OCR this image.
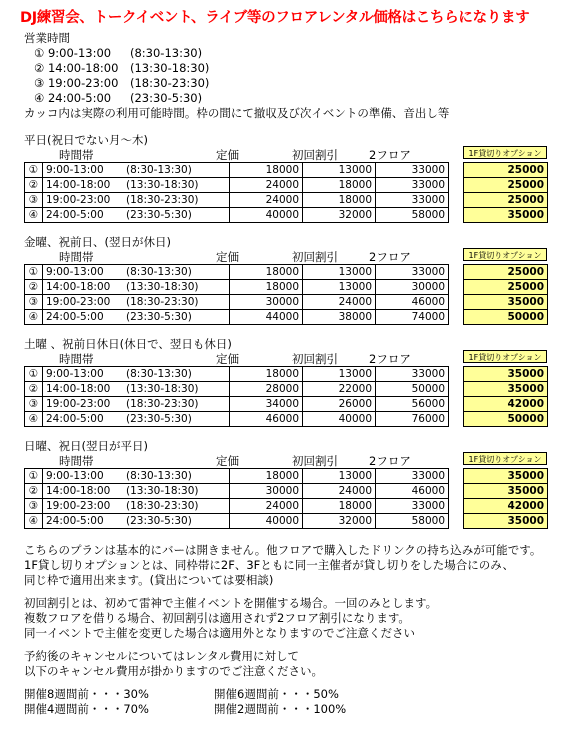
DJ練習会、トークイベント、ライブ等のフロアレンタル価格はこちらになります
営業時間
① 9:00-13:00 (8:30-13:30)
② 14:00-18:00 (13:30-18:30)
③ 19:00-23:00 (18:30-23:30)
④ 24:00-5:00 (23:30-5:30)
カッコ内は実際の利用可能時間。枠の間にて撤収及び次イベントの準備、音出し等
平日(祝日でない月～木)
時間帯	定価	初回割引	2フロア	1F貸切りオプション
①	9:00-13:00 (8:30-13:30)	18000	13000	33000		25000
②	14:00-18:00 (13:30-18:30)	24000	18000	33000		25000
③	19:00-23:00 (18:30-23:30)	24000	18000	33000		25000
④	24:00-5:00 (23:30-5:30)	40000	32000	58000		35000
金曜、祝前日、(翌日が休日)
時間帯	定価	初回割引	2フロア	1F貸切りオプション
①	9:00-13:00 (8:30-13:30)	18000	13000	33000		25000
②	14:00-18:00 (13:30-18:30)	18000	13000	30000		25000
③	19:00-23:00 (18:30-23:30)	30000	24000	46000		35000
④	24:00-5:00 (23:30-5:30)	44000	38000	74000		50000
土曜 、祝前日休日(休日で、翌日も休日)
時間帯	定価	初回割引	2フロア	1F貸切りオプション
①	9:00-13:00 (8:30-13:30)	18000	13000	33000		35000
②	14:00-18:00 (13:30-18:30)	28000	22000	50000		35000
③	19:00-23:00 (18:30-23:30)	34000	26000	56000		42000
④	24:00-5:00 (23:30-5:30)	46000	40000	76000		50000
日曜、祝日(翌日が平日)
時間帯	定価	初回割引	2フロア	1F貸切りオプション
①	9:00-13:00 (8:30-13:30)	18000	13000	33000		35000
②	14:00-18:00 (13:30-18:30)	30000	24000	46000		35000
③	19:00-23:00 (18:30-23:30)	24000	18000	33000		42000
④	24:00-5:00 (23:30-5:30)	40000	32000	58000		35000
こちらのプランは基本的にバーは開きません。他フロアで購入したドリンクの持ち込みが可能です。
1F貸し切りオプションとは、同枠帯に2F、3Fともに同一主催者が貸し切りをした場合にのみ、
同じ枠で適用出来ます。(貸出については要相談)
初回割引とは、初めて雷神で主催イベントを開催する場合。一回のみとします。
複数フロアを借りる場合、初回割引は適用されず2フロア割引になります。
同一イベントで主催を変更した場合は適用外となりますのでご注意ください
予約後のキャンセルについてはレンタル費用に対して
以下のキャンセル費用が掛かりますのでご注意ください。
開催8週間前・・・30%	開催6週間前・・・50%
開催4週間前・・・70%	開催2週間前・・・100%
